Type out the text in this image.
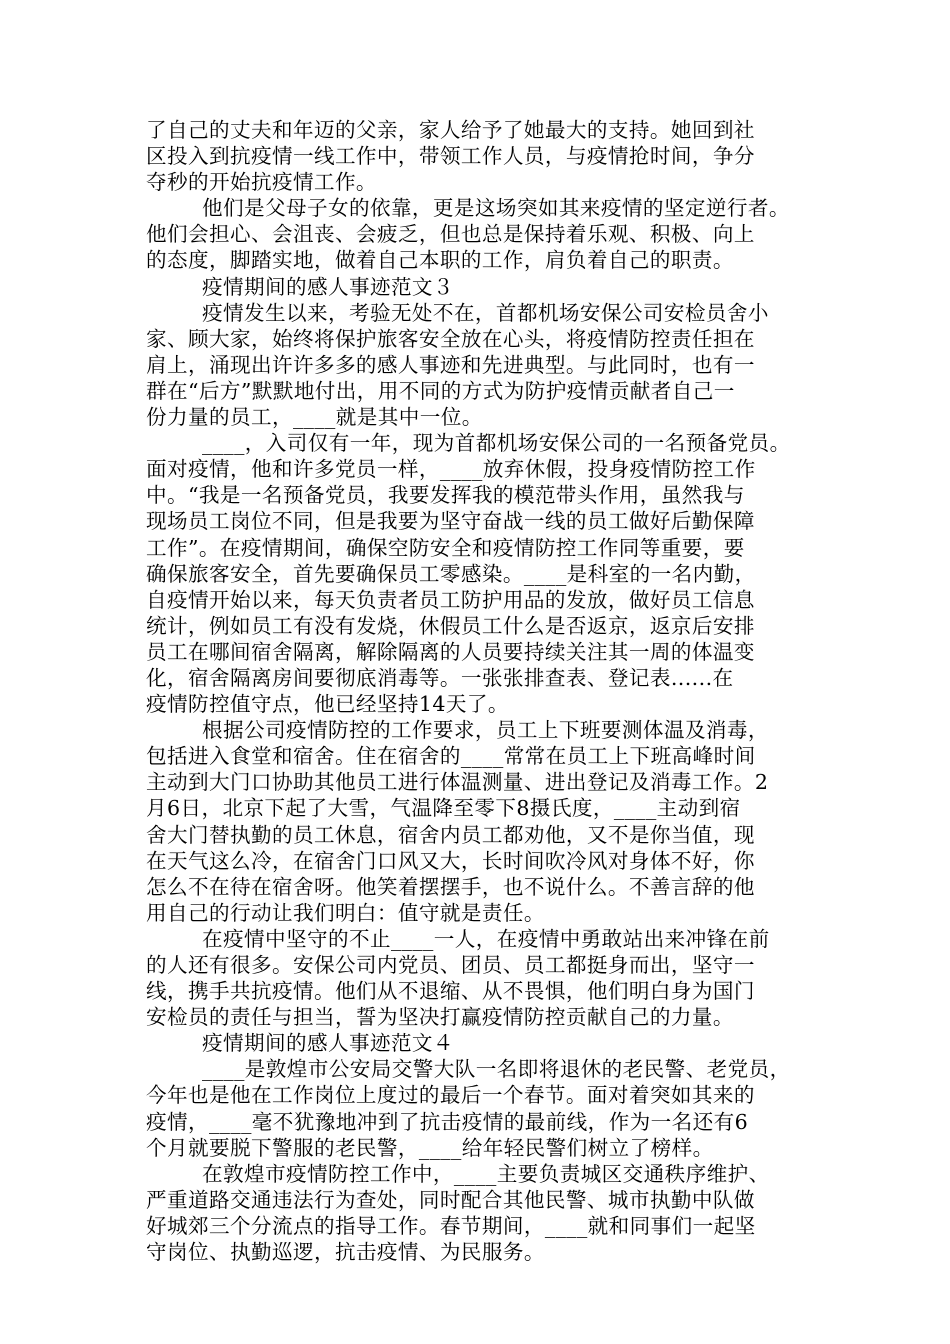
了自己的丈夫和年迈的父亲，家人给予了她最大的支持。她回到社
区投入到抗疫情一线工作中，带领工作人员，与疫情抢时间，争分
夺秒的开始抗疫情工作。
他们是父母子女的依靠，更是这场突如其来疫情的坚定逆行者。
他们会担心、会沮丧、会疲乏，但也总是保持着乐观、积极、向上
的态度，脚踏实地，做着自己本职的工作，肩负着自己的职责。
疫情期间的感人事迹范文３
疫情发生以来，考验无处不在，首都机场安保公司安检员舍小
家、顾大家，始终将保护旅客安全放在心头，将疫情防控责任担在
肩上，涌现出许许多多的感人事迹和先进典型。与此同时，也有一
群在“后方”默默地付出，用不同的方式为防护疫情贡献者自己一
份力量的员工，____就是其中一位。
____，入司仅有一年，现为首都机场安保公司的一名预备党员。
面对疫情，他和许多党员一样，____放弃休假，投身疫情防控工作
中。“我是一名预备党员，我要发挥我的模范带头作用，虽然我与
现场员工岗位不同，但是我要为坚守奋战一线的员工做好后勤保障
工作”。在疫情期间，确保空防安全和疫情防控工作同等重要，要
确保旅客安全，首先要确保员工零感染。____是科室的一名内勤，
自疫情开始以来，每天负责者员工防护用品的发放，做好员工信息
统计，例如员工有没有发烧，休假员工什么是否返京，返京后安排
员工在哪间宿舍隔离，解除隔离的人员要持续关注其一周的体温变
化，宿舍隔离房间要彻底消毒等。一张张排查表、登记表......在
疫情防控值守点，他已经坚持14天了。
根据公司疫情防控的工作要求，员工上下班要测体温及消毒，
包括进入食堂和宿舍。住在宿舍的____常常在员工上下班高峰时间
主动到大门口协助其他员工进行体温测量、进出登记及消毒工作。2
月6日，北京下起了大雪，气温降至零下8摄氏度，____主动到宿
舍大门替执勤的员工休息，宿舍内员工都劝他，又不是你当值，现
在天气这么冷，在宿舍门口风又大，长时间吹冷风对身体不好，你
怎么不在待在宿舍呀。他笑着摆摆手，也不说什么。不善言辞的他
用自己的行动让我们明白：值守就是责任。
在疫情中坚守的不止____一人，在疫情中勇敢站出来冲锋在前
的人还有很多。安保公司内党员、团员、员工都挺身而出，坚守一
线，携手共抗疫情。他们从不退缩、从不畏惧，他们明白身为国门
安检员的责任与担当，誓为坚决打赢疫情防控贡献自己的力量。
疫情期间的感人事迹范文４
____是敦煌市公安局交警大队一名即将退休的老民警、老党员，
今年也是他在工作岗位上度过的最后一个春节。面对着突如其来的
疫情，____毫不犹豫地冲到了抗击疫情的最前线，作为一名还有6
个月就要脱下警服的老民警，____给年轻民警们树立了榜样。
在敦煌市疫情防控工作中，____主要负责城区交通秩序维护、
严重道路交通违法行为查处，同时配合其他民警、城市执勤中队做
好城郊三个分流点的指导工作。春节期间，____就和同事们一起坚
守岗位、执勤巡逻，抗击疫情、为民服务。
